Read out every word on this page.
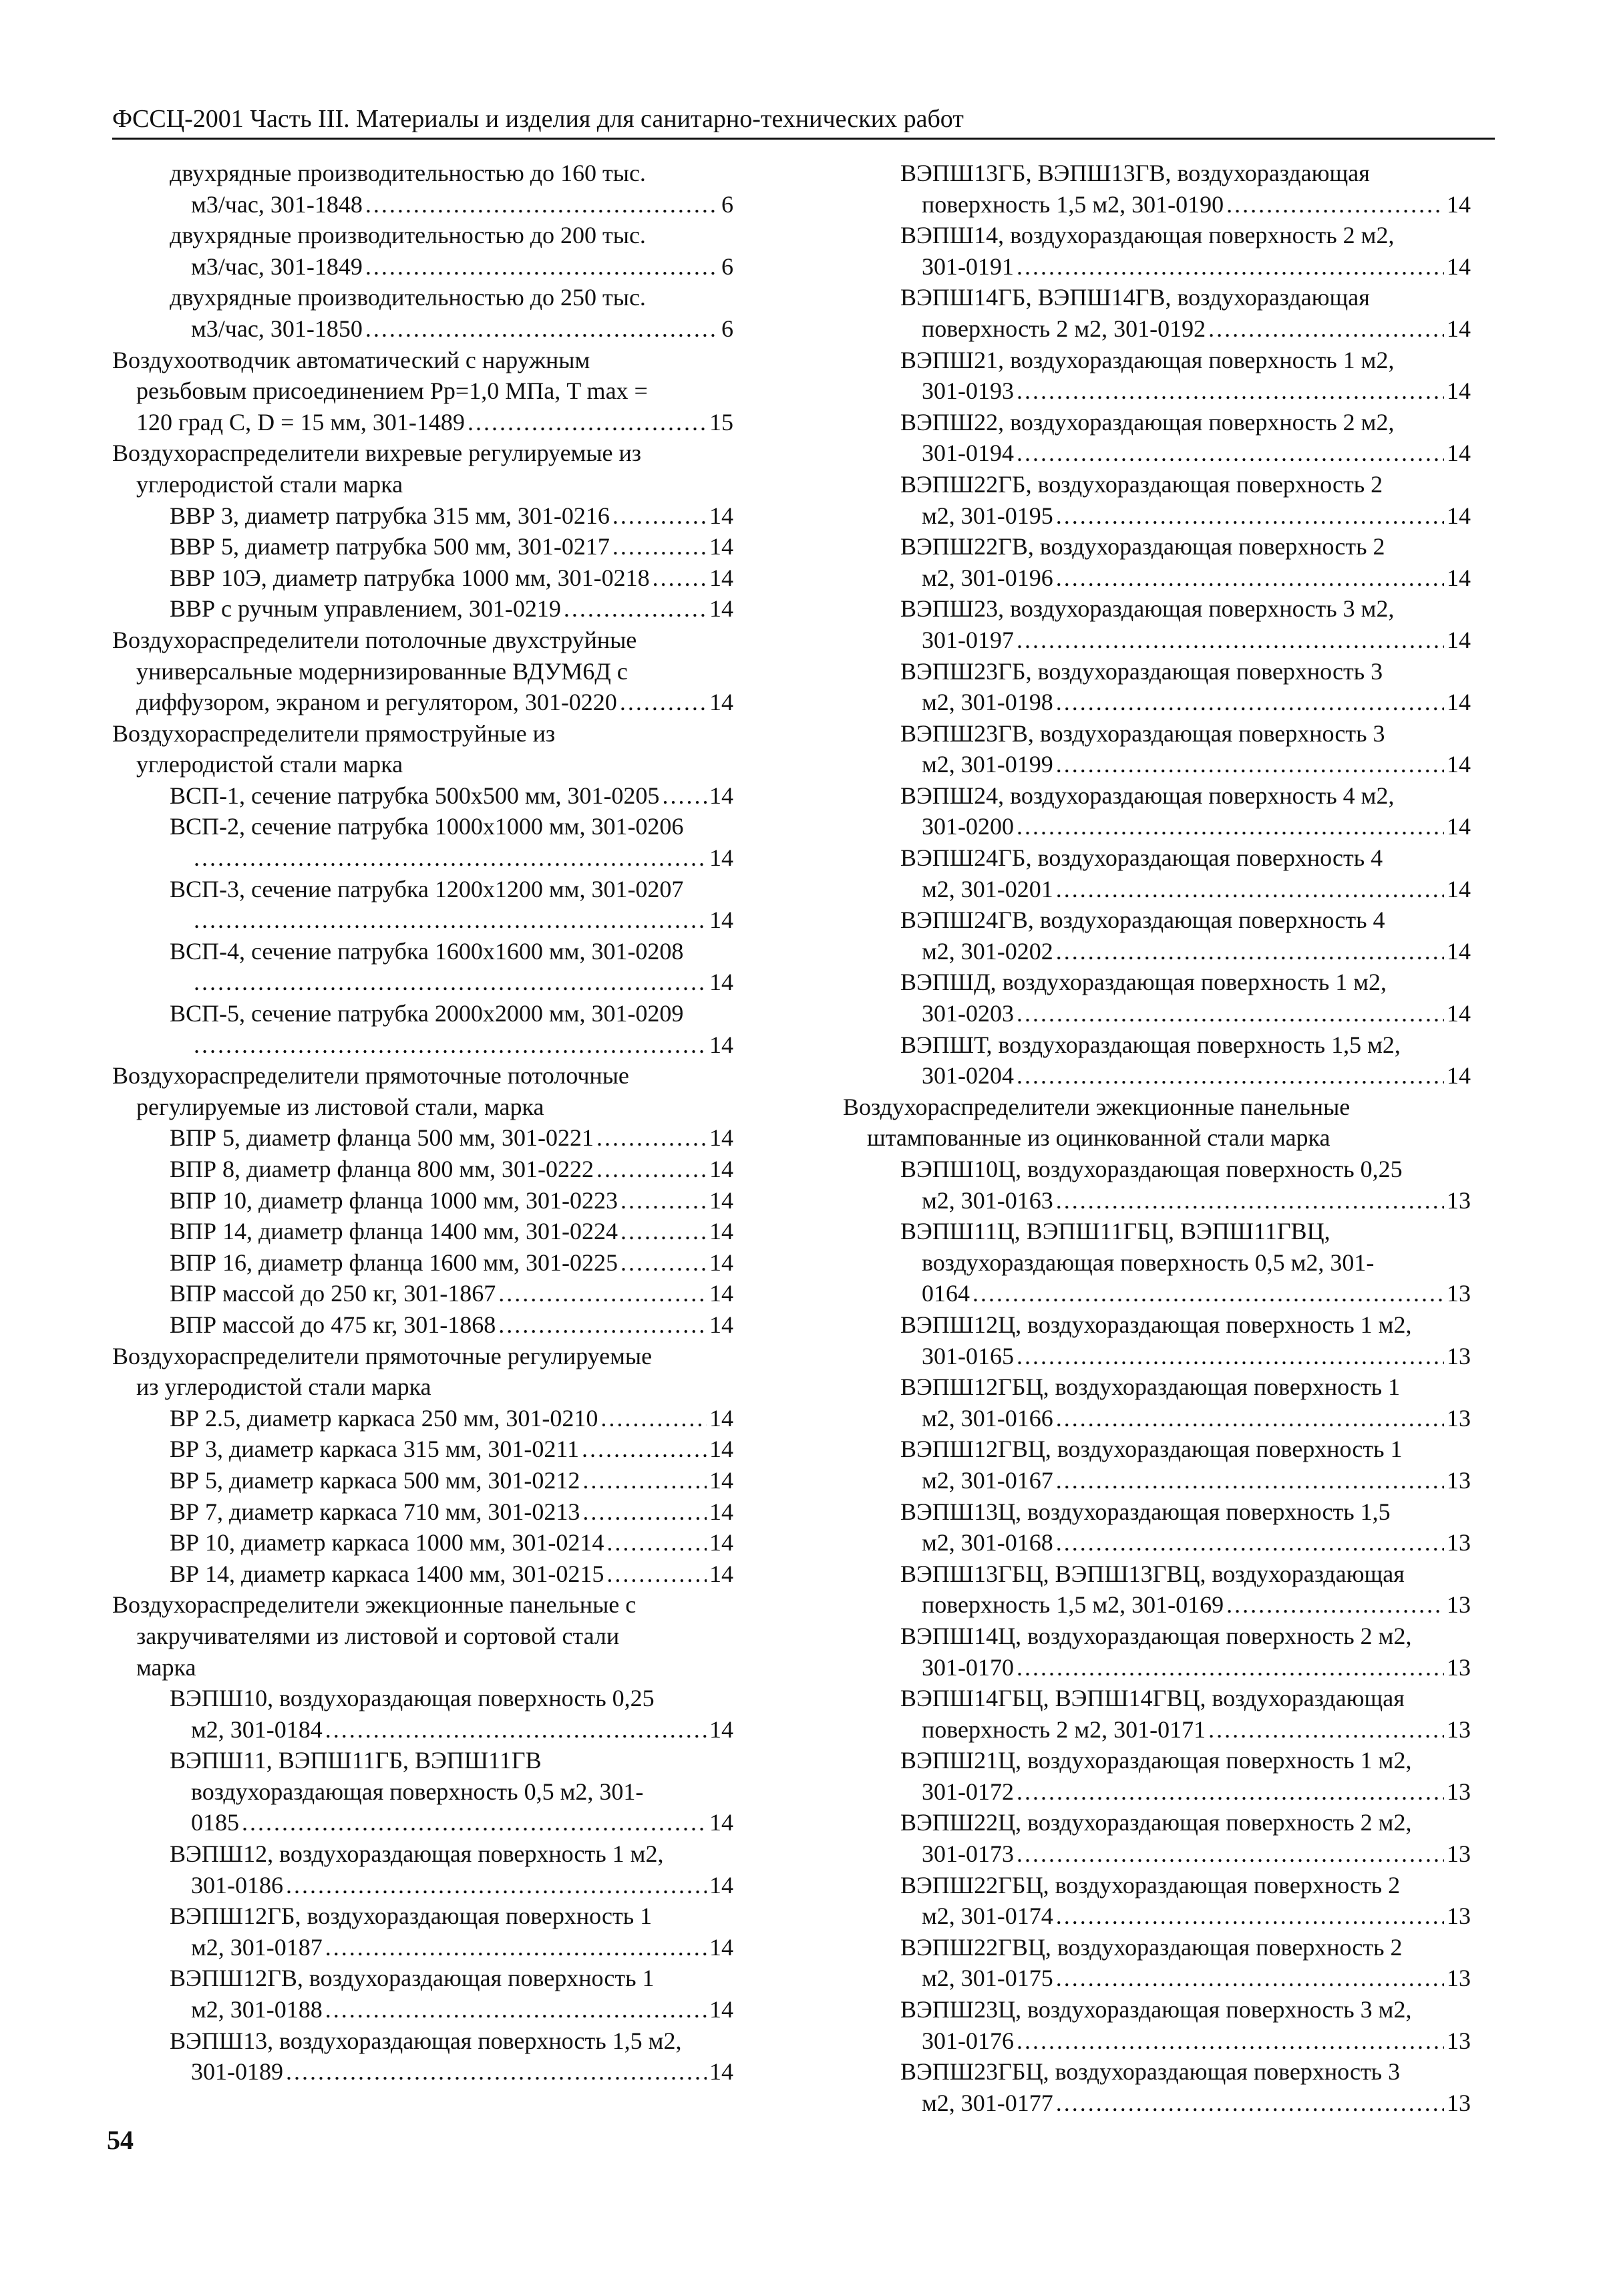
ФССЦ-2001 Часть III. Материалы и изделия для санитарно-технических работ
двухрядные производительностью до 160 тыс.
м3/час, 301-1848 . . .	6
двухрядные производительностью до 200 тыс.
м3/час, 301-1849 . . .	6
двухрядные производительностью до 250 тыс.
м3/час, 301-1850 . . .	6
Воздухоотводчик автоматический с наружным
резьбовым присоединением Рр=1,0 МПа, T max =
120 град С, D = 15 мм, 301-1489 . . .	15
Воздухораспределители вихревые регулируемые из
углеродистой стали марка
ВВР 3, диаметр патрубка 315 мм, 301-0216 . . .	14
ВВР 5, диаметр патрубка 500 мм, 301-0217 . . .	14
ВВР 10Э, диаметр патрубка 1000 мм, 301-0218 . . . 14
ВВР с ручным управлением, 301-0219 . . .	14
Воздухораспределители потолочные двухструйные
универсальные модернизированные ВДУМ6Д с
диффузором, экраном и регулятором, 301-0220 . . .	14
Воздухораспределители прямоструйные из
углеродистой стали марка
ВСП-1, сечение патрубка 500х500 мм, 301-0205 . . . 14
ВСП-2, сечение патрубка 1000х1000 мм, 301-0206
. . .
14
ВСП-3, сечение патрубка 1200х1200 мм, 301-0207
. . .
14
ВСП-4, сечение патрубка 1600х1600 мм, 301-0208
. . .
14
ВСП-5, сечение патрубка 2000х2000 мм, 301-0209
. . .
14
Воздухораспределители прямоточные потолочные
регулируемые из листовой стали, марка
ВПР 5, диаметр фланца 500 мм, 301-0221 . . .	14
ВПР 8, диаметр фланца 800 мм, 301-0222 . . .	14
ВПР 10, диаметр фланца 1000 мм, 301-0223 . . .	14
ВПР 14, диаметр фланца 1400 мм, 301-0224 . . .	14
ВПР 16, диаметр фланца 1600 мм, 301-0225 . . .	14
ВПР массой до 250 кг, 301-1867 . . .	14
ВПР массой до 475 кг, 301-1868 . . .	14
Воздухораспределители прямоточные регулируемые
из углеродистой стали марка
ВР 2.5, диаметр каркаса 250 мм, 301-0210 . . .	14
ВР 3, диаметр каркаса 315 мм, 301-0211 . . .	14
ВР 5, диаметр каркаса 500 мм, 301-0212 . . .	14
ВР 7, диаметр каркаса 710 мм, 301-0213 . . .	14
ВР 10, диаметр каркаса 1000 мм, 301-0214 . . .	14
ВР 14, диаметр каркаса 1400 мм, 301-0215 . . .	14
Воздухораспределители эжекционные панельные с
закручивателями из листовой и сортовой стали
марка
ВЭПШ10, воздухораздающая поверхность 0,25
м2, 301-0184 . . .	14
ВЭПШ11, ВЭПШ11ГБ, ВЭПШ11ГВ
воздухораздающая поверхность 0,5 м2, 301-
0185 . . .	14
ВЭПШ12, воздухораздающая поверхность 1 м2,
301-0186 . . .	14
ВЭПШ12ГБ, воздухораздающая поверхность 1
м2, 301-0187 . . .	14
ВЭПШ12ГВ, воздухораздающая поверхность 1
м2, 301-0188 . . .	14
ВЭПШ13, воздухораздающая поверхность 1,5 м2,
301-0189 . . .	14
ВЭПШ13ГБ, ВЭПШ13ГВ, воздухораздающая
поверхность 1,5 м2, 301-0190 . . .	14
ВЭПШ14, воздухораздающая поверхность 2 м2,
301-0191 . . .	14
ВЭПШ14ГБ, ВЭПШ14ГВ, воздухораздающая
поверхность 2 м2, 301-0192 . . .	14
ВЭПШ21, воздухораздающая поверхность 1 м2,
301-0193 . . .	14
ВЭПШ22, воздухораздающая поверхность 2 м2,
301-0194 . . .	14
ВЭПШ22ГБ, воздухораздающая поверхность 2
м2, 301-0195 . . .	14
ВЭПШ22ГВ, воздухораздающая поверхность 2
м2, 301-0196 . . .	14
ВЭПШ23, воздухораздающая поверхность 3 м2,
301-0197 . . .	14
ВЭПШ23ГБ, воздухораздающая поверхность 3
м2, 301-0198 . . .	14
ВЭПШ23ГВ, воздухораздающая поверхность 3
м2, 301-0199 . . .	14
ВЭПШ24, воздухораздающая поверхность 4 м2,
301-0200 . . .	14
ВЭПШ24ГБ, воздухораздающая поверхность 4
м2, 301-0201 . . .	14
ВЭПШ24ГВ, воздухораздающая поверхность 4
м2, 301-0202 . . .	14
ВЭПШД, воздухораздающая поверхность 1 м2,
301-0203 . . .	14
ВЭПШТ, воздухораздающая поверхность 1,5 м2,
301-0204 . . .	14
Воздухораспределители эжекционные панельные
штампованные из оцинкованной стали марка
ВЭПШ10Ц, воздухораздающая поверхность 0,25
м2, 301-0163 . . .	13
ВЭПШ11Ц, ВЭПШ11ГБЦ, ВЭПШ11ГВЦ,
воздухораздающая поверхность 0,5 м2, 301-
0164 . . .	13
ВЭПШ12Ц, воздухораздающая поверхность 1 м2,
301-0165 . . .	13
ВЭПШ12ГБЦ, воздухораздающая поверхность 1
м2, 301-0166 . . .	13
ВЭПШ12ГВЦ, воздухораздающая поверхность 1
м2, 301-0167 . . .	13
ВЭПШ13Ц, воздухораздающая поверхность 1,5
м2, 301-0168 . . .	13
ВЭПШ13ГБЦ, ВЭПШ13ГВЦ, воздухораздающая
поверхность 1,5 м2, 301-0169 . . .	13
ВЭПШ14Ц, воздухораздающая поверхность 2 м2,
301-0170 . . .	13
ВЭПШ14ГБЦ, ВЭПШ14ГВЦ, воздухораздающая
поверхность 2 м2, 301-0171 . . .	13
ВЭПШ21Ц, воздухораздающая поверхность 1 м2,
301-0172 . . .	13
ВЭПШ22Ц, воздухораздающая поверхность 2 м2,
301-0173 . . .	13
ВЭПШ22ГБЦ, воздухораздающая поверхность 2
м2, 301-0174 . . .	13
ВЭПШ22ГВЦ, воздухораздающая поверхность 2
м2, 301-0175 . . .	13
ВЭПШ23Ц, воздухораздающая поверхность 3 м2,
301-0176 . . .	13
ВЭПШ23ГБЦ, воздухораздающая поверхность 3
м2, 301-0177 . . .	13
54
